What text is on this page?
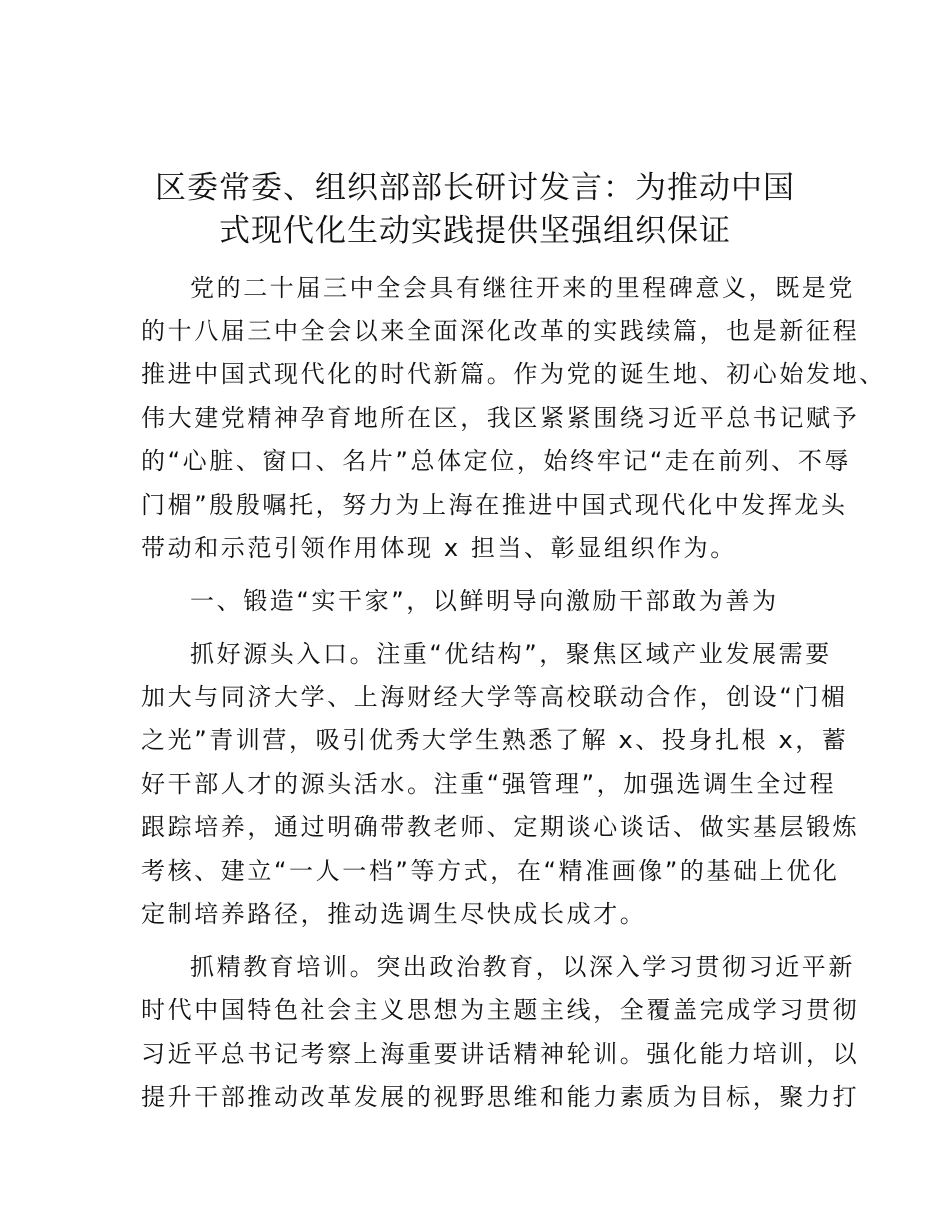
区委常委、组织部部长研讨发言：为推动中国
式现代化生动实践提供坚强组织保证

党的二十届三中全会具有继往开来的里程碑意义，既是党

的十八届三中全会以来全面深化改革的实践续篇，也是新征程

推进中国式现代化的时代新篇。作为党的诞生地、初心始发地、

伟大建党精神孕育地所在区，我区紧紧围绕习近平总书记赋予

的“心脏、窗口、名片”总体定位，始终牢记“走在前列、不辱

门楣”殷殷嘱托，努力为上海在推进中国式现代化中发挥龙头

带动和示范引领作用体现 x 担当、彰显组织作为。

一、锻造“实干家”，以鲜明导向激励干部敢为善为

抓好源头入口。注重“优结构”，聚焦区域产业发展需要

加大与同济大学、上海财经大学等高校联动合作，创设“门楣

之光”青训营，吸引优秀大学生熟悉了解 x、投身扎根 x，蓄

好干部人才的源头活水。注重“强管理”，加强选调生全过程

跟踪培养，通过明确带教老师、定期谈心谈话、做实基层锻炼

考核、建立“一人一档”等方式，在“精准画像”的基础上优化

定制培养路径，推动选调生尽快成长成才。

抓精教育培训。突出政治教育，以深入学习贯彻习近平新

时代中国特色社会主义思想为主题主线，全覆盖完成学习贯彻

习近平总书记考察上海重要讲话精神轮训。强化能力培训，以

提升干部推动改革发展的视野思维和能力素质为目标，聚力打
